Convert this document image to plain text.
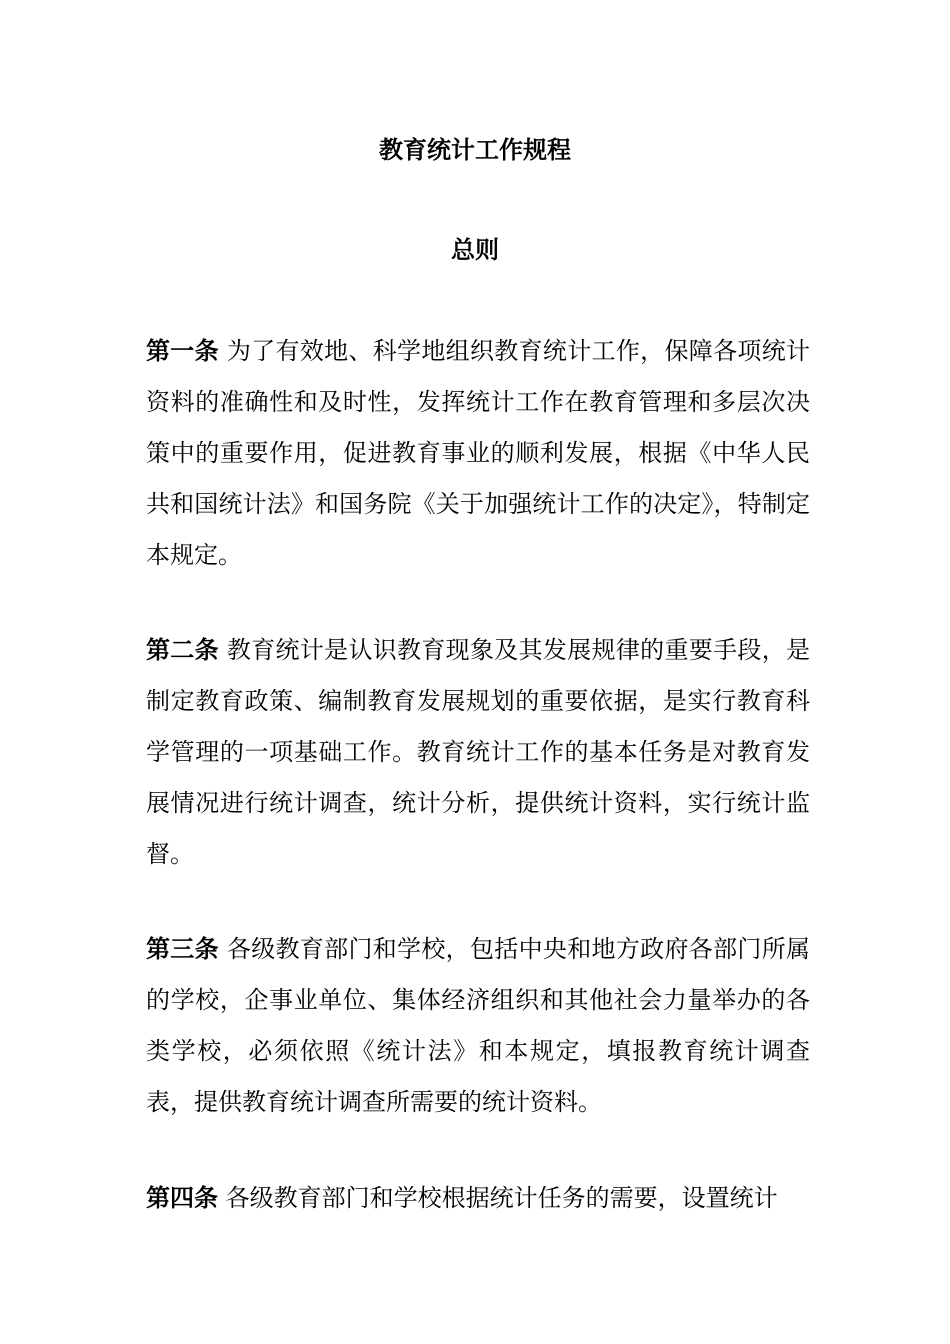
教育统计工作规程
总则
第一条 为了有效地、科学地组织教育统计工作，保障各项统计资料的准确性和及时性，发挥统计工作在教育管理和多层次决策中的重要作用，促进教育事业的顺利发展，根据《中华人民共和国统计法》和国务院《关于加强统计工作的决定》，特制定本规定。
第二条 教育统计是认识教育现象及其发展规律的重要手段，是制定教育政策、编制教育发展规划的重要依据，是实行教育科学管理的一项基础工作。教育统计工作的基本任务是对教育发展情况进行统计调查，统计分析，提供统计资料，实行统计监督。
第三条 各级教育部门和学校，包括中央和地方政府各部门所属的学校，企事业单位、集体经济组织和其他社会力量举办的各类学校，必须依照《统计法》和本规定，填报教育统计调查表，提供教育统计调查所需要的统计资料。
第四条 各级教育部门和学校根据统计任务的需要，设置统计
